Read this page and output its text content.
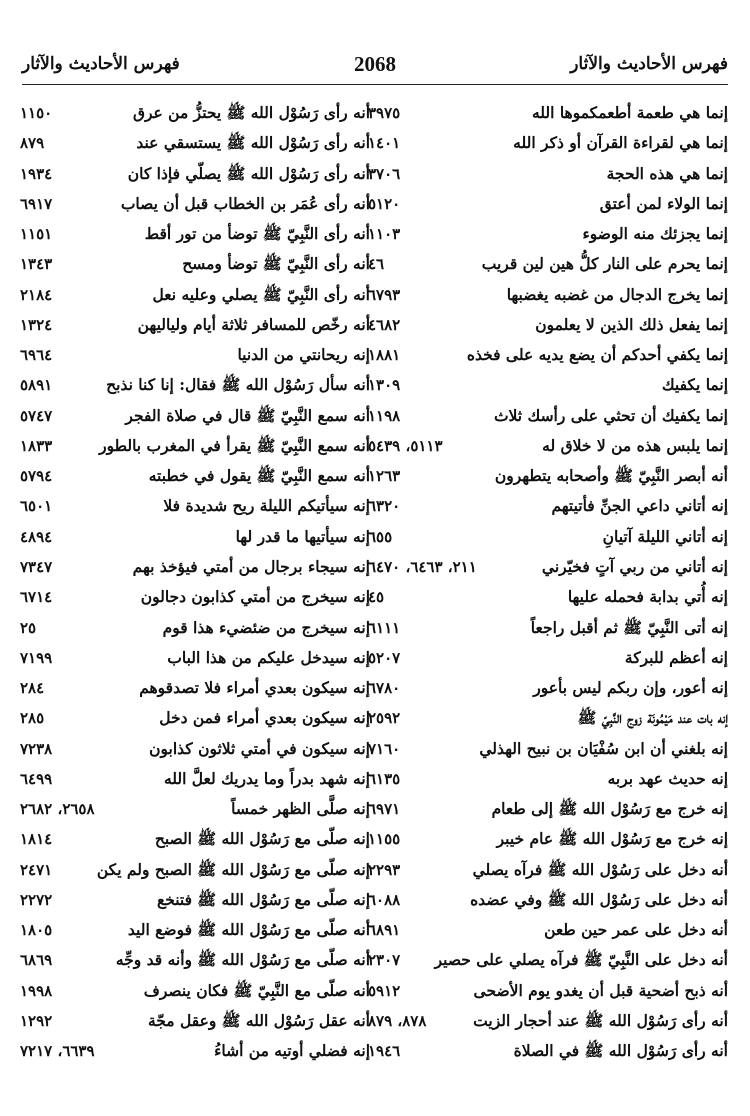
فهرس الأحاديث والآثار
2068
فهرس الأحاديث والآثار
إنما هي طعمة أطعمكموها الله
٣٩٧٥
إنما هي لقراءة القرآن أو ذكر الله
١٤٠١
إنما هي هذه الحجة
٣٧٠٦
إنما الولاء لمن أعتق
٥١٢٠
إنما يجزئك منه الوضوء
١١٠٣
إنما يحرم على النار كلُّ هين لين قريب
٤٦
إنما يخرج الدجال من غضبه يغضبها
٦٧٩٣
إنما يفعل ذلك الذين لا يعلمون
٤٦٨٢
إنما يكفي أحدكم أن يضع يديه على فخذه
١٨٨١
إنما يكفيك
١٣٠٩
إنما يكفيك أن تحثي على رأسك ثلاث
١١٩٨
إنما يلبس هذه من لا خلاق له
٥١١٣، ٥٤٣٩
أنه أبصر النَّبِيّ ﷺ وأصحابه يتطهرون
١٢٦٣
إنه أتاني داعي الجنِّ فأتيتهم
٦٣٢٠
إنه أتاني الليلة آتيانِ
٦٥٥
إنه أتاني من ربي آتٍ فخيّرني
٢١١، ٦٤٦٣، ٦٤٧٠
إنه أُتي بدابة فحمله عليها
٤٥
إنه أتى النَّبِيّ ﷺ ثم أقبل راجعاً
٦١١١
إنه أعظم للبركة
٥٢٠٧
إنه أعور، وإن ربكم ليس بأعور
٦٧٨٠
إنه بات عند مَيْمُونَة زوج النَّبِيّ ﷺ
٢٥٩٢
إنه بلغني أن ابن سُفْيَان بن نبيح الهذلي
٧١٦٠
إنه حديث عهد بربه
٦١٣٥
إنه خرج مع رَسُوْل الله ﷺ إلى طعام
٦٩٧١
إنه خرج مع رَسُوْل الله ﷺ عام خيبر
١١٥٥
أنه دخل على رَسُوْل الله ﷺ فرآه يصلي
٢٢٩٣
أنه دخل على رَسُوْل الله ﷺ وفي عضده
٦٠٨٨
أنه دخل على عمر حين طعن
٦٨٩١
أنه دخل على النَّبِيّ ﷺ فرآه يصلي على حصير
٢٣٠٧
أنه ذبح أضحية قبل أن يغدو يوم الأضحى
٥٩١٢
أنه رأى رَسُوْل الله ﷺ عند أحجار الزيت
٨٧٨، ٨٧٩
أنه رأى رَسُوْل الله ﷺ في الصلاة
١٩٤٦
أنه رأى رَسُوْل الله ﷺ يحتزُّ من عرق
١١٥٠
أنه رأى رَسُوْل الله ﷺ يستسقي عند
٨٧٩
أنه رأى رَسُوْل الله ﷺ يصلّي فإذا كان
١٩٣٤
أنه رأى عُمَر بن الخطاب قبل أن يصاب
٦٩١٧
أنه رأى النَّبِيّ ﷺ توضأ من تور أقط
١١٥١
أنه رأى النَّبِيّ ﷺ توضأ ومسح
١٣٤٣
أنه رأى النَّبِيّ ﷺ يصلي وعليه نعل
٢١٨٤
أنه رخّص للمسافر ثلاثة أيام ولياليهن
١٣٢٤
إنه ريحانتي من الدنيا
٦٩٦٤
أنه سأل رَسُوْل الله ﷺ فقال: إنا كنا نذبح
٥٨٩١
أنه سمع النَّبِيّ ﷺ قال في صلاة الفجر
٥٧٤٧
أنه سمع النَّبِيّ ﷺ يقرأ في المغرب بالطور
١٨٣٣
أنه سمع النَّبِيّ ﷺ يقول في خطبته
٥٧٩٤
إنه سيأتيكم الليلة ريح شديدة فلا
٦٥٠١
إنه سيأتيها ما قدر لها
٤٨٩٤
إنه سيجاء برجال من أمتي فيؤخذ بهم
٧٣٤٧
إنه سيخرج من أمتي كذابون دجالون
٦٧١٤
إنه سيخرج من ضئضيء هذا قوم
٢٥
إنه سيدخل عليكم من هذا الباب
٧١٩٩
إنه سيكون بعدي أمراء فلا تصدقوهم
٢٨٤
إنه سيكون بعدي أمراء فمن دخل
٢٨٥
إنه سيكون في أمتي ثلاثون كذابون
٧٢٣٨
إنه شهد بدراً وما يدريك لعلَّ الله
٦٤٩٩
إنه صلَّى الظهر خمساً
٢٦٥٨، ٢٦٨٢
إنه صلّى مع رَسُوْل الله ﷺ الصبح
١٨١٤
إنه صلّى مع رَسُوْل الله ﷺ الصبح ولم يكن
٢٤٧١
إنه صلّى مع رَسُوْل الله ﷺ فتنخع
٢٢٧٢
أنه صلّى مع رَسُوْل الله ﷺ فوضع اليد
١٨٠٥
أنه صلّى مع رَسُوْل الله ﷺ وأنه قد وجِّه
٦٨٦٩
أنه صلّى مع النَّبِيّ ﷺ فكان ينصرف
١٩٩٨
أنه عقل رَسُوْل الله ﷺ وعقل مجّة
١٢٩٢
إنه فضلي أوتيه من أشاءُ
٦٦٣٩، ٧٢١٧
